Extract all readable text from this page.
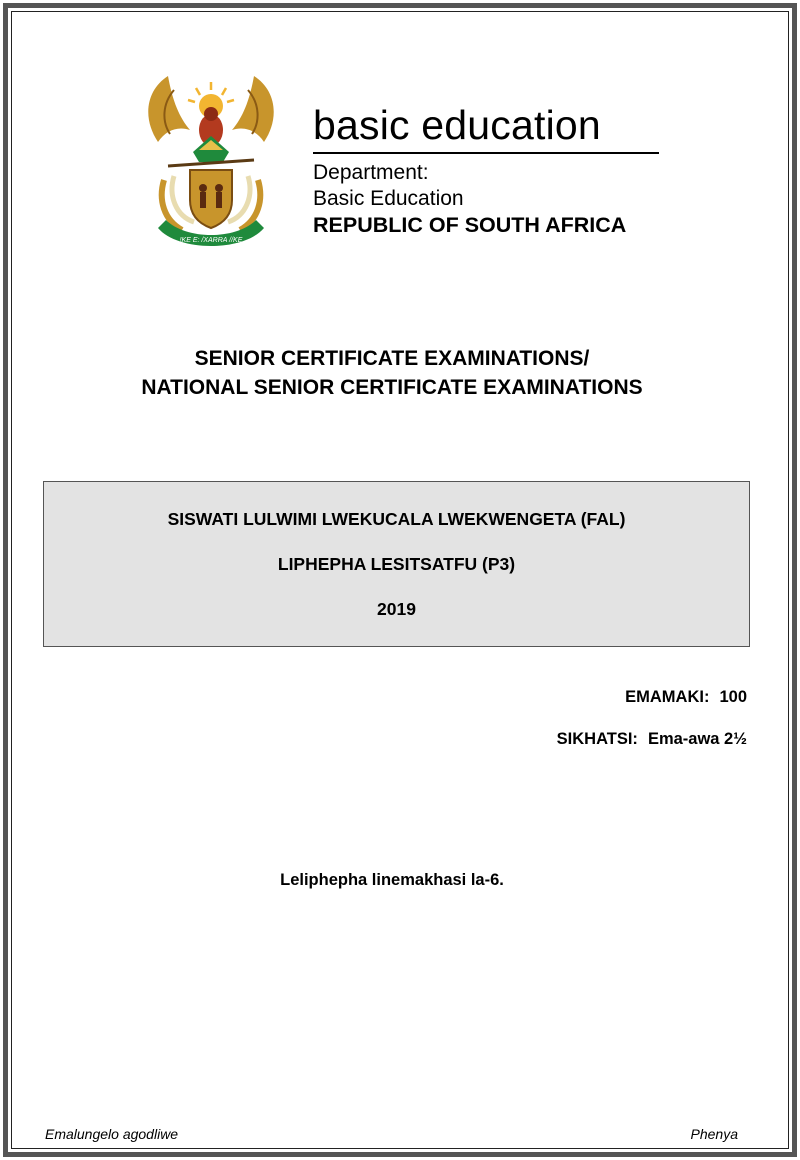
!KE E: /XARRA //KE
basic education
Department:
Basic Education
REPUBLIC OF SOUTH AFRICA
SENIOR CERTIFICATE EXAMINATIONS/
NATIONAL SENIOR CERTIFICATE EXAMINATIONS
SISWATI LULWIMI LWEKUCALA LWEKWENGETA (FAL)
LIPHEPHA LESITSATFU (P3)
2019
EMAMAKI: 100
SIKHATSI: Ema-awa 2½
Leliphepha linemakhasi la-6.
Emalungelo agodliwe	Phenya
